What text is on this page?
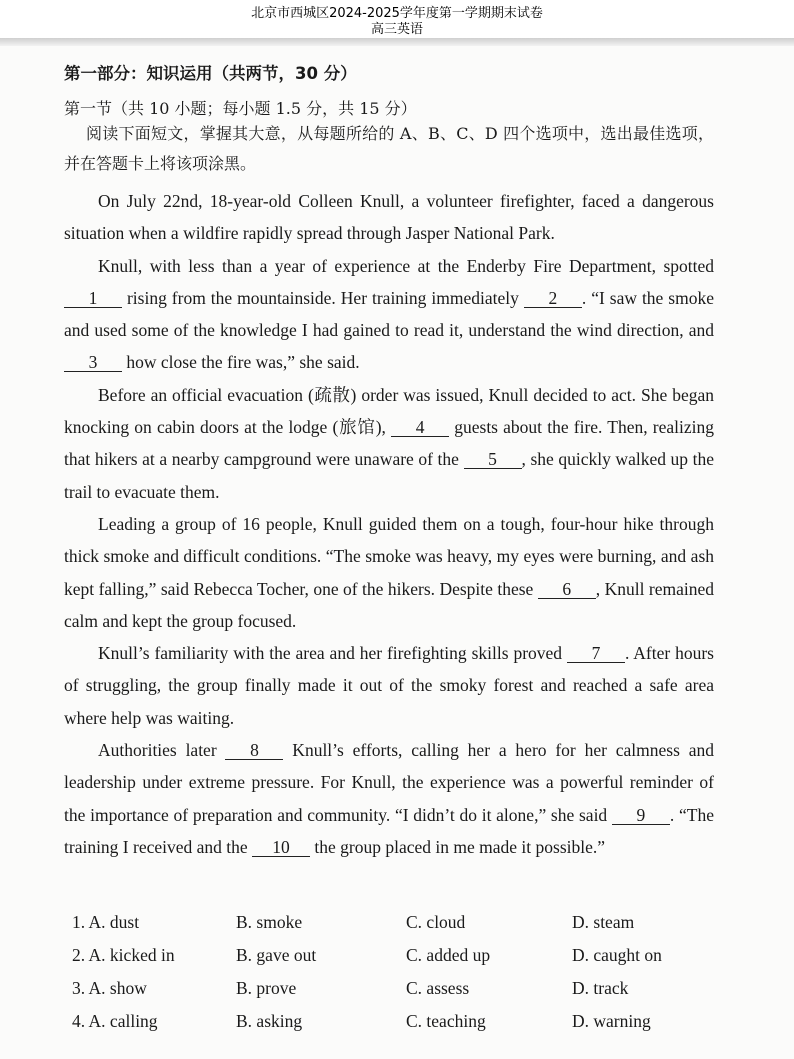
北京市西城区2024-2025学年度第一学期期末试卷
高三英语
第一部分：知识运用（共两节，30 分）
第一节（共 10 小题；每小题 1.5 分，共 15 分）

阅读下面短文，掌握其大意，从每题所给的 A、B、C、D 四个选项中，选出最佳选项，并在答题卡上将该项涂黑。

On July 22nd, 18-year-old Colleen Knull, a volunteer firefighter, faced a dangerous situation when a wildfire rapidly spread through Jasper National Park.

Knull, with less than a year of experience at the Enderby Fire Department, spotted 1 rising from the mountainside. Her training immediately 2 . “I saw the smoke and used some of the knowledge I had gained to read it, understand the wind direction, and 3 how close the fire was,” she said.

Before an official evacuation (疏散) order was issued, Knull decided to act. She began knocking on cabin doors at the lodge (旅馆), 4 guests about the fire. Then, realizing that hikers at a nearby campground were unaware of the 5 , she quickly walked up the trail to evacuate them.

Leading a group of 16 people, Knull guided them on a tough, four-hour hike through thick smoke and difficult conditions. “The smoke was heavy, my eyes were burning, and ash kept falling,” said Rebecca Tocher, one of the hikers. Despite these 6 , Knull remained calm and kept the group focused.

Knull’s familiarity with the area and her firefighting skills proved 7 . After hours of struggling, the group finally made it out of the smoky forest and reached a safe area where help was waiting.

Authorities later 8 Knull’s efforts, calling her a hero for her calmness and leadership under extreme pressure. For Knull, the experience was a powerful reminder of the importance of preparation and community. “I didn’t do it alone,” she said 9 . “The training I received and the 10 the group placed in me made it possible.”

1. A. dust	B. smoke	C. cloud	D. steam
2. A. kicked in	B. gave out	C. added up	D. caught on
3. A. show	B. prove	C. assess	D. track
4. A. calling	B. asking	C. teaching	D. warning
